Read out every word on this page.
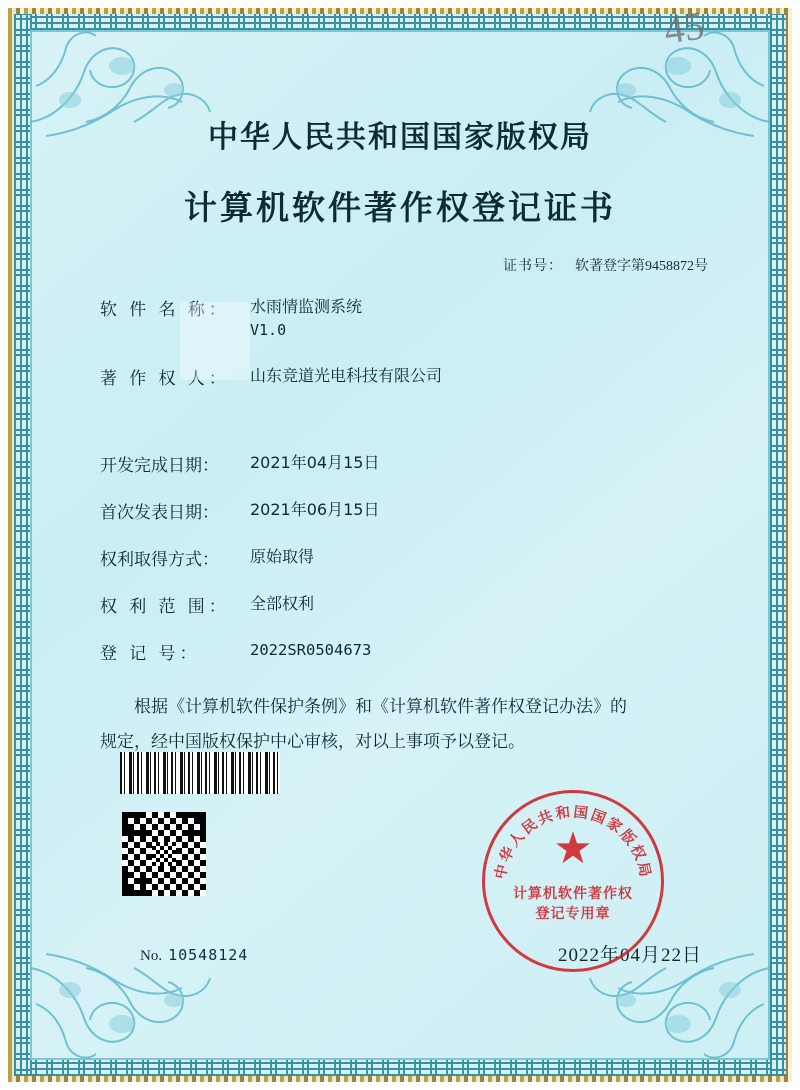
45
中华人民共和国国家版权局
计算机软件著作权登记证书
证书号： 软著登字第9458872号
软 件 名 称：	水雨情监测系统
V1.0
著 作 权 人：	山东竞道光电科技有限公司
开发完成日期：	2021年04月15日
首次发表日期：	2021年06月15日
权利取得方式：	原始取得
权 利 范 围：	全部权利
登 记 号：	2022SR0504673
根据《计算机软件保护条例》和《计算机软件著作权登记办法》的
规定，经中国版权保护中心审核，对以上事项予以登记。
No. 10548124	2022年04月22日
中华人民共和国国家版权局
★
计算机软件著作权
登记专用章
